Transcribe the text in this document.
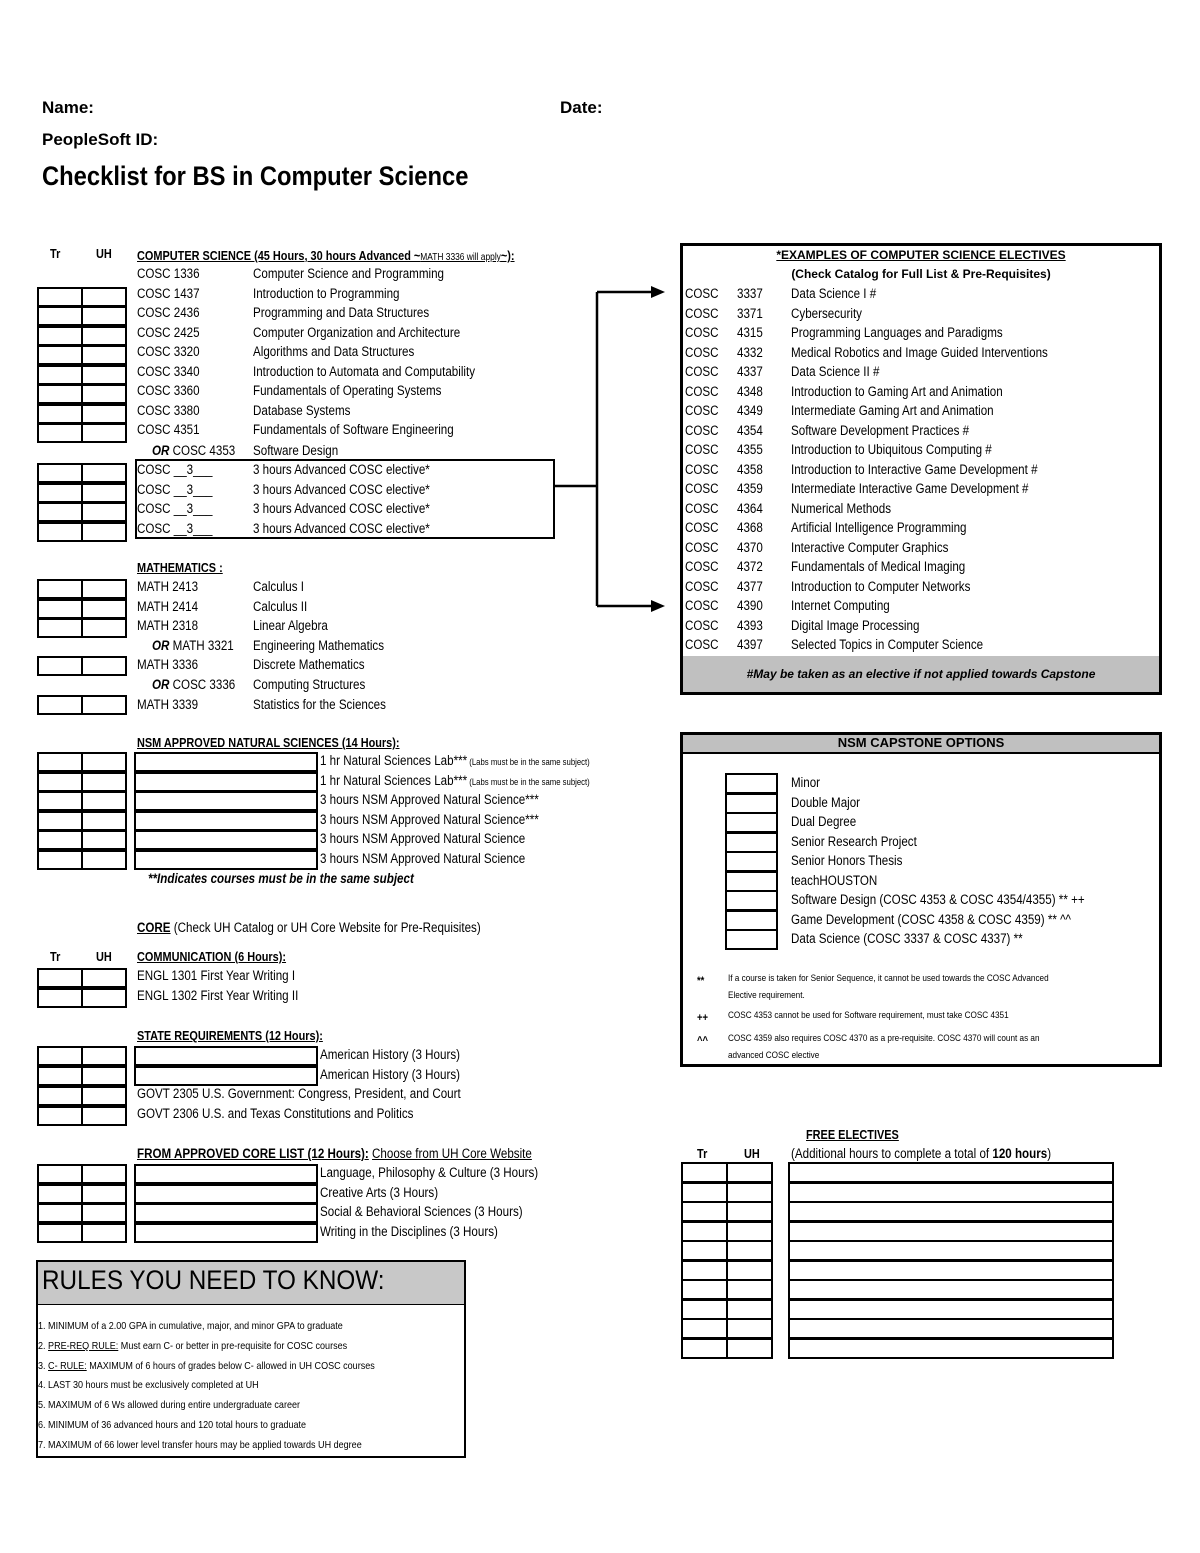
Name:	Date:
PeopleSoft ID:
Checklist for BS in Computer Science
Tr	UH COMPUTER SCIENCE (45 Hours, 30 hours Advanced ~MATH 3336 will apply~):
COSC 1336	Computer Science and Programming
COSC 1437	Introduction to Programming
COSC 2436	Programming and Data Structures
COSC 2425	Computer Organization and Architecture
COSC 3320	Algorithms and Data Structures
COSC 3340	Introduction to Automata and Computability
COSC 3360	Fundamentals of Operating Systems
COSC 3380	Database Systems
COSC 4351	Fundamentals of Software Engineering
OR COSC 4353 Software Design
COSC __3___	3 hours Advanced COSC elective*
COSC __3___	3 hours Advanced COSC elective*
COSC __3___	3 hours Advanced COSC elective*
COSC __3___	3 hours Advanced COSC elective*
MATHEMATICS :
MATH 2413	Calculus I
MATH 2414	Calculus II
MATH 2318	Linear Algebra
OR MATH 3321 Engineering Mathematics
MATH 3336	Discrete Mathematics
OR COSC 3336 Computing Structures
MATH 3339	Statistics for the Sciences
NSM APPROVED NATURAL SCIENCES (14 Hours):
1 hr Natural Sciences Lab*** (Labs must be in the same subject)
1 hr Natural Sciences Lab*** (Labs must be in the same subject)
3 hours NSM Approved Natural Science***
3 hours NSM Approved Natural Science***
3 hours NSM Approved Natural Science
3 hours NSM Approved Natural Science
**Indicates courses must be in the same subject
CORE (Check UH Catalog or UH Core Website for Pre-Requisites)
Tr	UH COMMUNICATION (6 Hours):
ENGL 1301 First Year Writing I
ENGL 1302 First Year Writing II
STATE REQUIREMENTS (12 Hours):
American History (3 Hours)
American History (3 Hours)
GOVT 2305 U.S. Government: Congress, President, and Court
GOVT 2306 U.S. and Texas Constitutions and Politics
FROM APPROVED CORE LIST (12 Hours): Choose from UH Core Website
Language, Philosophy & Culture (3 Hours)
Creative Arts (3 Hours)
Social & Behavioral Sciences (3 Hours)
Writing in the Disciplines (3 Hours)
RULES YOU NEED TO KNOW:
1. MINIMUM of a 2.00 GPA in cumulative, major, and minor GPA to graduate
2. PRE-REQ RULE: Must earn C- or better in pre-requisite for COSC courses
3. C- RULE: MAXIMUM of 6 hours of grades below C- allowed in UH COSC courses
4. LAST 30 hours must be exclusively completed at UH
5. MAXIMUM of 6 Ws allowed during entire undergraduate career
6. MINIMUM of 36 advanced hours and 120 total hours to graduate
7. MAXIMUM of 66 lower level transfer hours may be applied towards UH degree
*EXAMPLES OF COMPUTER SCIENCE ELECTIVES
(Check Catalog for Full List & Pre-Requisites)
COSC 3337 Data Science I #
COSC 3371 Cybersecurity
COSC 4315 Programming Languages and Paradigms
COSC 4332 Medical Robotics and Image Guided Interventions
COSC 4337 Data Science II #
COSC 4348 Introduction to Gaming Art and Animation
COSC 4349 Intermediate Gaming Art and Animation
COSC 4354 Software Development Practices #
COSC 4355 Introduction to Ubiquitous Computing #
COSC 4358 Introduction to Interactive Game Development #
COSC 4359 Intermediate Interactive Game Development #
COSC 4364 Numerical Methods
COSC 4368 Artificial Intelligence Programming
COSC 4370 Interactive Computer Graphics
COSC 4372 Fundamentals of Medical Imaging
COSC 4377 Introduction to Computer Networks
COSC 4390 Internet Computing
COSC 4393 Digital Image Processing
COSC 4397 Selected Topics in Computer Science
#May be taken as an elective if not applied towards Capstone
NSM CAPSTONE OPTIONS
Minor
Double Major
Dual Degree
Senior Research Project
Senior Honors Thesis
teachHOUSTON
Software Design (COSC 4353 & COSC 4354/4355) ** ++
Game Development (COSC 4358 & COSC 4359) ** ^^
Data Science (COSC 3337 & COSC 4337) **
** If a course is taken for Senior Sequence, it cannot be used towards the COSC Advanced
Elective requirement.
++ COSC 4353 cannot be used for Software requirement, must take COSC 4351
^^ COSC 4359 also requires COSC 4370 as a pre-requisite. COSC 4370 will count as an
advanced COSC elective
FREE ELECTIVES
Tr	UH (Additional hours to complete a total of 120 hours)
